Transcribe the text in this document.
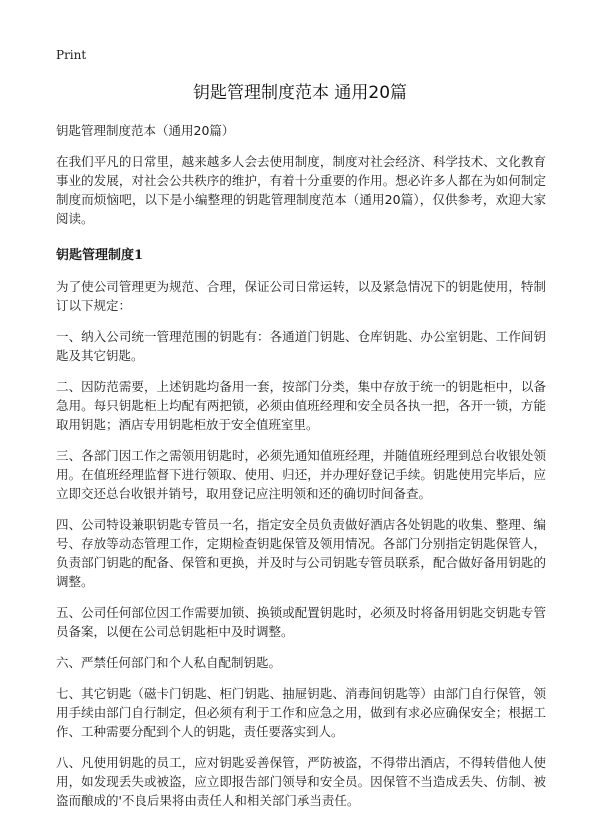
Print
钥匙管理制度范本 通用20篇

钥匙管理制度范本（通用20篇）

在我们平凡的日常里，越来越多人会去使用制度，制度对社会经济、科学技术、文化教育事业的发展，对社会公共秩序的维护，有着十分重要的作用。想必许多人都在为如何制定制度而烦恼吧，以下是小编整理的钥匙管理制度范本（通用20篇），仅供参考，欢迎大家阅读。

钥匙管理制度1

为了使公司管理更为规范、合理，保证公司日常运转，以及紧急情况下的钥匙使用，特制订以下规定：

一、纳入公司统一管理范围的钥匙有：各通道门钥匙、仓库钥匙、办公室钥匙、工作间钥匙及其它钥匙。

二、因防范需要，上述钥匙均备用一套，按部门分类，集中存放于统一的钥匙柜中，以备急用。每只钥匙柜上均配有两把锁，必须由值班经理和安全员各执一把，各开一锁，方能取用钥匙；酒店专用钥匙柜放于安全值班室里。

三、各部门因工作之需领用钥匙时，必须先通知值班经理，并随值班经理到总台收银处领用。在值班经理监督下进行领取、使用、归还，并办理好登记手续。钥匙使用完毕后，应立即交还总台收银并销号，取用登记应注明领和还的确切时间备查。

四、公司特设兼职钥匙专管员一名，指定安全员负责做好酒店各处钥匙的收集、整理、编号、存放等动态管理工作，定期检查钥匙保管及领用情况。各部门分别指定钥匙保管人，负责部门钥匙的配备、保管和更换，并及时与公司钥匙专管员联系，配合做好备用钥匙的调整。

五、公司任何部位因工作需要加锁、换锁或配置钥匙时，必须及时将备用钥匙交钥匙专管员备案，以便在公司总钥匙柜中及时调整。

六、严禁任何部门和个人私自配制钥匙。

七、其它钥匙（磁卡门钥匙、柜门钥匙、抽屉钥匙、消毒间钥匙等）由部门自行保管，领用手续由部门自行制定，但必须有利于工作和应急之用，做到有求必应确保安全；根据工作、工种需要分配到个人的钥匙，责任要落实到人。

八、凡使用钥匙的员工，应对钥匙妥善保管，严防被盗，不得带出酒店，不得转借他人使用，如发现丢失或被盗，应立即报告部门领导和安全员。因保管不当造成丢失、仿制、被盗而酿成的'不良后果将由责任人和相关部门承当责任。
